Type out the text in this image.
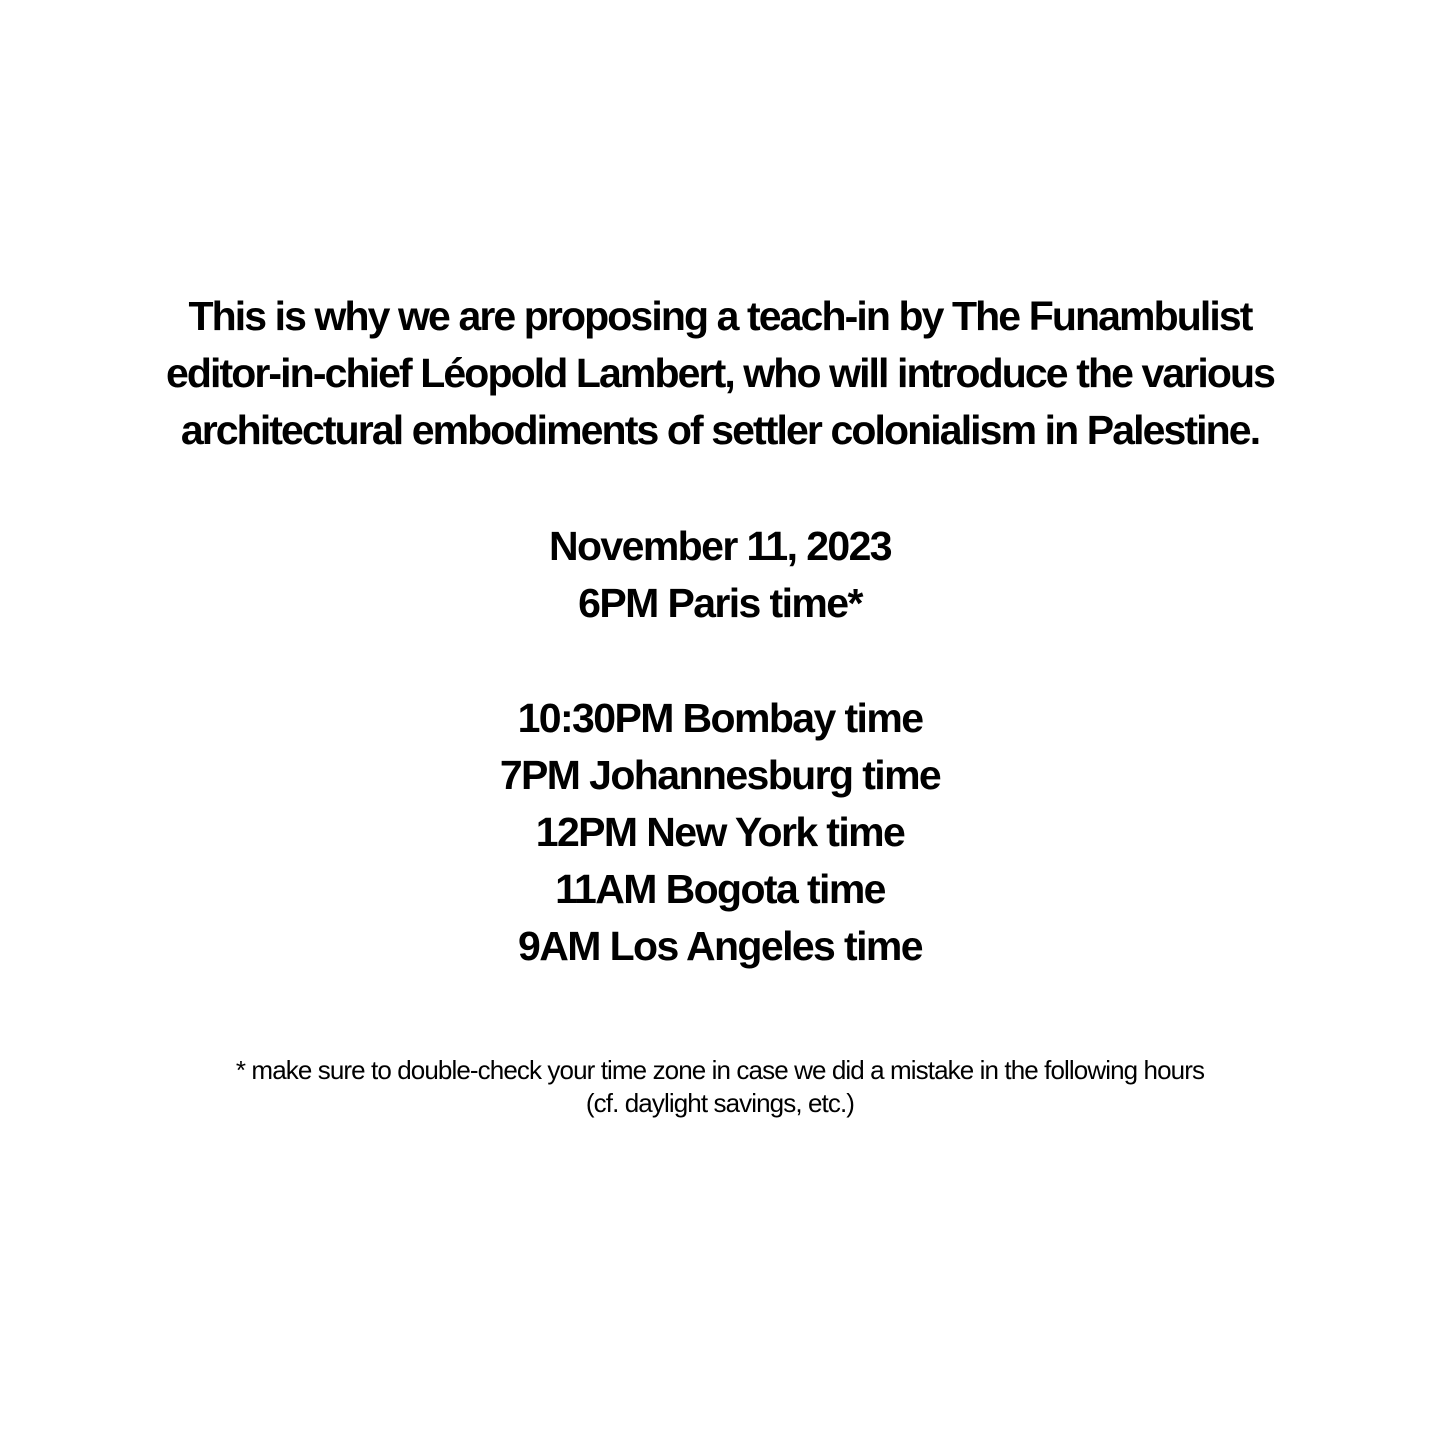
This is why we are proposing a teach-in by The Funambulist
editor-in-chief Léopold Lambert, who will introduce the various
architectural embodiments of settler colonialism in Palestine.
November 11, 2023
6PM Paris time*
10:30PM Bombay time
7PM Johannesburg time
12PM New York time
11AM Bogota time
9AM Los Angeles time
* make sure to double-check your time zone in case we did a mistake in the following hours
(cf. daylight savings, etc.)
